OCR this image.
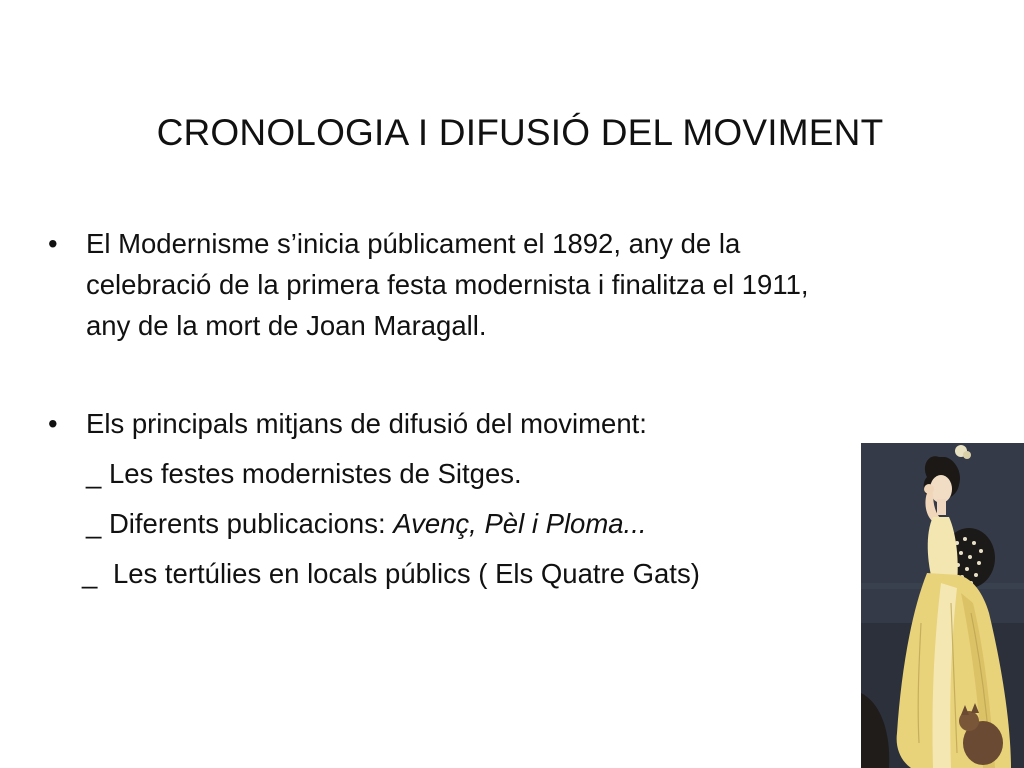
CRONOLOGIA I DIFUSIÓ DEL MOVIMENT
•	El Modernisme s’inicia públicament el 1892, any de la
celebració de la primera festa modernista i finalitza el 1911,
any de la mort de Joan Maragall.
•	Els principals mitjans de difusió del moviment:
_ Les festes modernistes de Sitges.
_ Diferents publicacions: Avenç, Pèl i Ploma...
_ Les tertúlies en locals públics ( Els Quatre Gats)
